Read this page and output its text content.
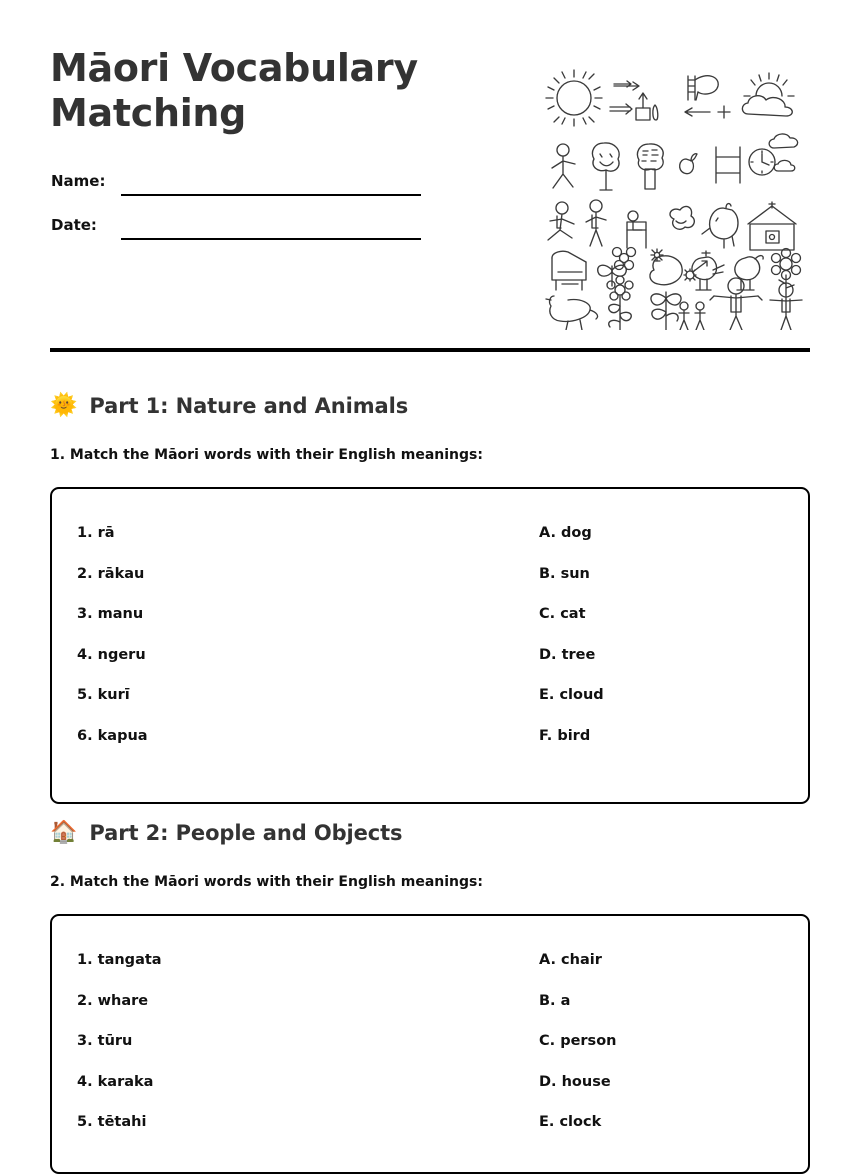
Māori Vocabulary Matching
Name:
Date:
🌞 Part 1: Nature and Animals
1. Match the Māori words with their English meanings:
1. rā	A. dog
2. rākau	B. sun
3. manu	C. cat
4. ngeru	D. tree
5. kurī	E. cloud
6. kapua	F. bird
🏠 Part 2: People and Objects
2. Match the Māori words with their English meanings:
1. tangata	A. chair
2. whare	B. a
3. tūru	C. person
4. karaka	D. house
5. tētahi	E. clock
